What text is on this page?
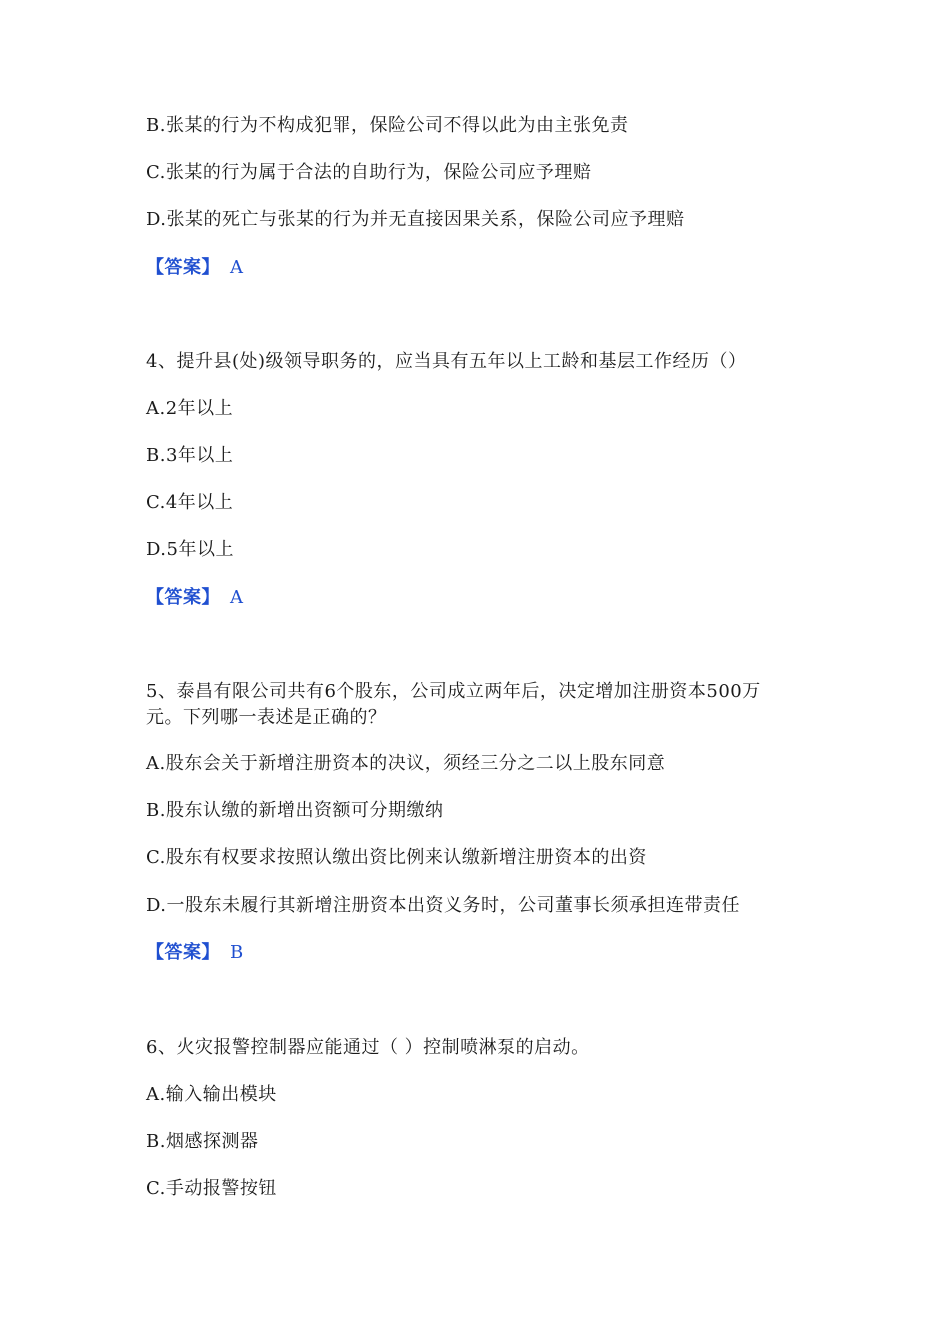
B.张某的行为不构成犯罪，保险公司不得以此为由主张免责
C.张某的行为属于合法的自助行为，保险公司应予理赔
D.张某的死亡与张某的行为并无直接因果关系，保险公司应予理赔
【答案】 A
4、提升县(处)级领导职务的，应当具有五年以上工龄和基层工作经历（）
A.2年以上
B.3年以上
C.4年以上
D.5年以上
【答案】 A
5、泰昌有限公司共有6个股东，公司成立两年后，决定增加注册资本500万
元。下列哪一表述是正确的？
A.股东会关于新增注册资本的决议，须经三分之二以上股东同意
B.股东认缴的新增出资额可分期缴纳
C.股东有权要求按照认缴出资比例来认缴新增注册资本的出资
D.一股东未履行其新增注册资本出资义务时，公司董事长须承担连带责任
【答案】 B
6、火灾报警控制器应能通过（ ）控制喷淋泵的启动。
A.输入输出模块
B.烟感探测器
C.手动报警按钮
